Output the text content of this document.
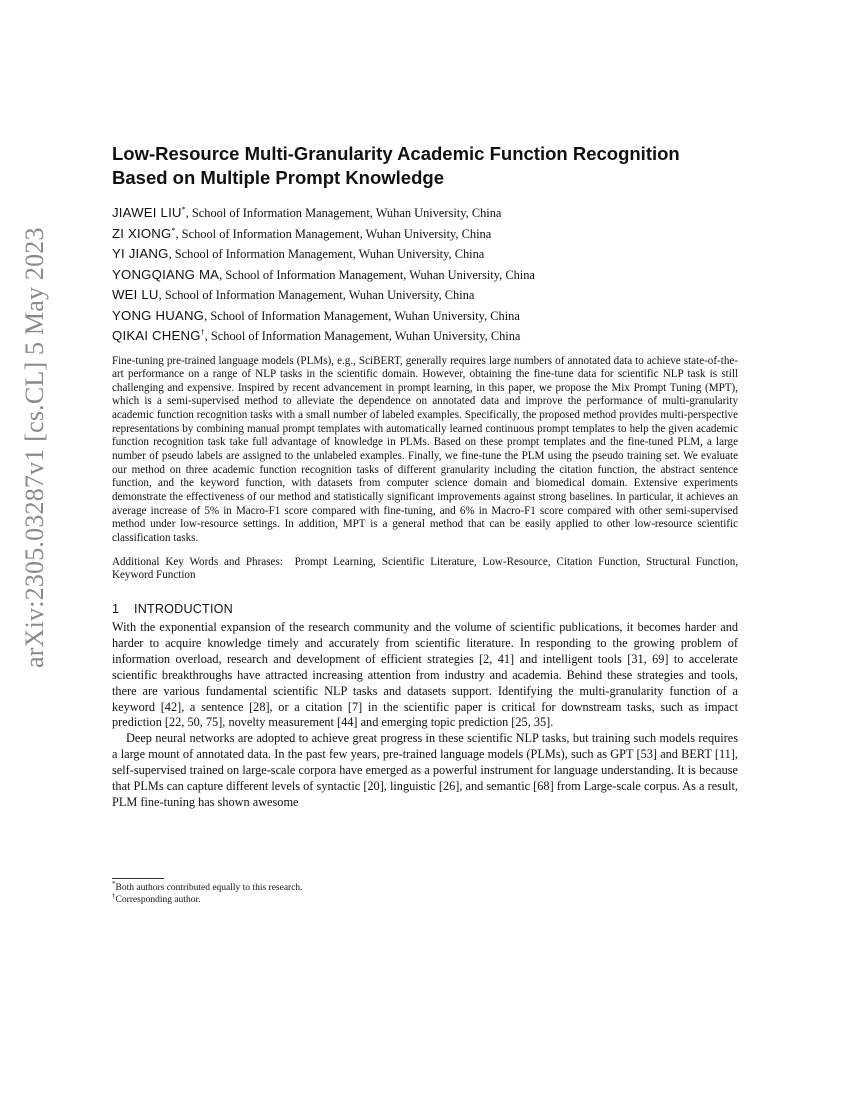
arXiv:2305.03287v1 [cs.CL] 5 May 2023
Low-Resource Multi-Granularity Academic Function Recognition Based on Multiple Prompt Knowledge
JIAWEI LIU*, School of Information Management, Wuhan University, China
ZI XIONG*, School of Information Management, Wuhan University, China
YI JIANG, School of Information Management, Wuhan University, China
YONGQIANG MA, School of Information Management, Wuhan University, China
WEI LU, School of Information Management, Wuhan University, China
YONG HUANG, School of Information Management, Wuhan University, China
QIKAI CHENG†, School of Information Management, Wuhan University, China

Fine-tuning pre-trained language models (PLMs), e.g., SciBERT, generally requires large numbers of annotated data to achieve state-of-the-art performance on a range of NLP tasks in the scientific domain. However, obtaining the fine-tune data for scientific NLP task is still challenging and expensive. Inspired by recent advancement in prompt learning, in this paper, we propose the Mix Prompt Tuning (MPT), which is a semi-supervised method to alleviate the dependence on annotated data and improve the performance of multi-granularity academic function recognition tasks with a small number of labeled examples. Specifically, the proposed method provides multi-perspective representations by combining manual prompt templates with automatically learned continuous prompt templates to help the given academic function recognition task take full advantage of knowledge in PLMs. Based on these prompt templates and the fine-tuned PLM, a large number of pseudo labels are assigned to the unlabeled examples. Finally, we fine-tune the PLM using the pseudo training set. We evaluate our method on three academic function recognition tasks of different granularity including the citation function, the abstract sentence function, and the keyword function, with datasets from computer science domain and biomedical domain. Extensive experiments demonstrate the effectiveness of our method and statistically significant improvements against strong baselines. In particular, it achieves an average increase of 5% in Macro-F1 score compared with fine-tuning, and 6% in Macro-F1 score compared with other semi-supervised method under low-resource settings. In addition, MPT is a general method that can be easily applied to other low-resource scientific classification tasks.

Additional Key Words and Phrases: Prompt Learning, Scientific Literature, Low-Resource, Citation Function, Structural Function, Keyword Function

1 INTRODUCTION

With the exponential expansion of the research community and the volume of scientific publications, it becomes harder and harder to acquire knowledge timely and accurately from scientific literature. In responding to the growing problem of information overload, research and development of efficient strategies [2, 41] and intelligent tools [31, 69] to accelerate scientific breakthroughs have attracted increasing attention from industry and academia. Behind these strategies and tools, there are various fundamental scientific NLP tasks and datasets support. Identifying the multi-granularity function of a keyword [42], a sentence [28], or a citation [7] in the scientific paper is critical for downstream tasks, such as impact prediction [22, 50, 75], novelty measurement [44] and emerging topic prediction [25, 35].

Deep neural networks are adopted to achieve great progress in these scientific NLP tasks, but training such models requires a large mount of annotated data. In the past few years, pre-trained language models (PLMs), such as GPT [53] and BERT [11], self-supervised trained on large-scale corpora have emerged as a powerful instrument for language understanding. It is because that PLMs can capture different levels of syntactic [20], linguistic [26], and semantic [68] from Large-scale corpus. As a result, PLM fine-tuning has shown awesome

*Both authors contributed equally to this research.
†Corresponding author.
